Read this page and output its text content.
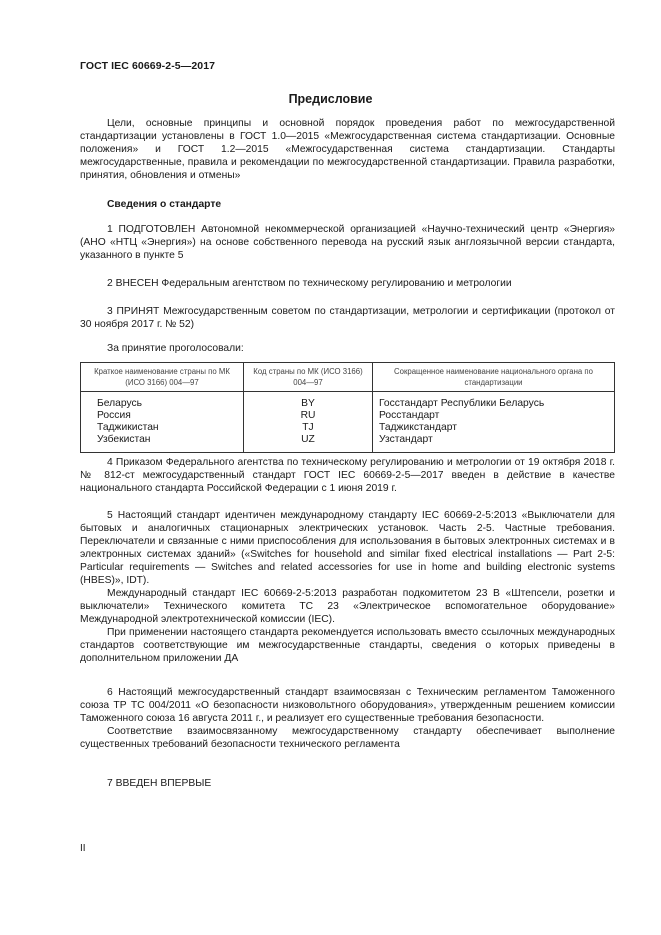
ГОСТ IEC 60669-2-5—2017
Предисловие

Цели, основные принципы и основной порядок проведения работ по межгосударственной стандартизации установлены в ГОСТ 1.0—2015 «Межгосударственная система стандартизации. Основные положения» и ГОСТ 1.2—2015 «Межгосударственная система стандартизации. Стандарты межгосударственные, правила и рекомендации по межгосударственной стандартизации. Правила разработки, принятия, обновления и отмены»

Сведения о стандарте

1 ПОДГОТОВЛЕН Автономной некоммерческой организацией «Научно-технический центр «Энергия» (АНО «НТЦ «Энергия») на основе собственного перевода на русский язык англоязычной версии стандарта, указанного в пункте 5

2 ВНЕСЕН Федеральным агентством по техническому регулированию и метрологии

3 ПРИНЯТ Межгосударственным советом по стандартизации, метрологии и сертификации (протокол от 30 ноября 2017 г. № 52)

За принятие проголосовали:
Краткое наименование страны по МК (ИСО 3166) 004—97	Код страны по МК (ИСО 3166) 004—97	Сокращенное наименование национального органа по стандартизации
Беларусь	BY	Госстандарт Республики Беларусь
Россия	RU	Росстандарт
Таджикистан	TJ	Таджикстандарт
Узбекистан	UZ	Узстандарт

4 Приказом Федерального агентства по техническому регулированию и метрологии от 19 октября 2018 г. № 812-ст межгосударственный стандарт ГОСТ IEC 60669-2-5—2017 введен в действие в качестве национального стандарта Российской Федерации с 1 июня 2019 г.

5 Настоящий стандарт идентичен международному стандарту IEC 60669-2-5:2013 «Выключатели для бытовых и аналогичных стационарных электрических установок. Часть 2-5. Частные требования. Переключатели и связанные с ними приспособления для использования в бытовых электронных системах и в электронных системах зданий» («Switches for household and similar fixed electrical installations — Part 2-5: Particular requirements — Switches and related accessories for use in home and building electronic systems (HBES)», IDT).

Международный стандарт IEC 60669-2-5:2013 разработан подкомитетом 23 В «Штепсели, розетки и выключатели» Технического комитета ТС 23 «Электрическое вспомогательное оборудование» Международной электротехнической комиссии (IEC).

При применении настоящего стандарта рекомендуется использовать вместо ссылочных международных стандартов соответствующие им межгосударственные стандарты, сведения о которых приведены в дополнительном приложении ДА

6 Настоящий межгосударственный стандарт взаимосвязан с Техническим регламентом Таможенного союза ТР ТС 004/2011 «О безопасности низковольтного оборудования», утвержденным решением комиссии Таможенного союза 16 августа 2011 г., и реализует его существенные требования безопасности.

Соответствие взаимосвязанному межгосударственному стандарту обеспечивает выполнение существенных требований безопасности технического регламента

7 ВВЕДЕН ВПЕРВЫЕ

II
